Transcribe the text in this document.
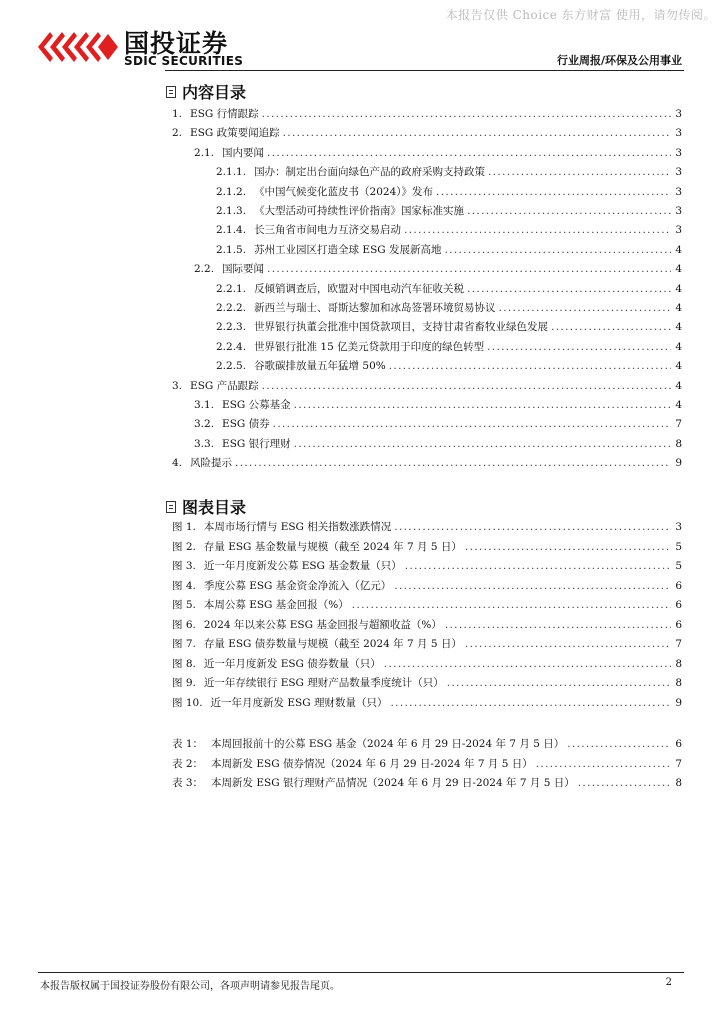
本报告仅供 Choice 东方财富 使用，请勿传阅。
国投证券
SDIC SECURITIES	行业周报/环保及公用事业
内容目录
1. ESG 行情跟踪 . . .	3
2. ESG 政策要闻追踪 . . .	3
2.1. 国内要闻 . . .	3
2.1.1. 国办：制定出台面向绿色产品的政府采购支持政策 . . .	3
2.1.2. 《中国气候变化蓝皮书（2024）》发布 . . .	3
2.1.3. 《大型活动可持续性评价指南》国家标准实施 . . .	3
2.1.4. 长三角省市间电力互济交易启动 . . .	3
2.1.5. 苏州工业园区打造全球 ESG 发展新高地 . . .	4
2.2. 国际要闻 . . .	4
2.2.1. 反倾销调查后，欧盟对中国电动汽车征收关税 . . .	4
2.2.2. 新西兰与瑞士、哥斯达黎加和冰岛签署环境贸易协议 . . .	4
2.2.3. 世界银行执董会批准中国贷款项目，支持甘肃省畜牧业绿色发展 . . .	4
2.2.4. 世界银行批准 15 亿美元贷款用于印度的绿色转型 . . .	4
2.2.5. 谷歌碳排放量五年猛增 50% . . .	4
3. ESG 产品跟踪 . . .	4
3.1. ESG 公募基金 . . .	4
3.2. ESG 债券 . . .	7
3.3. ESG 银行理财 . . .	8
4. 风险提示 . . .	9
图表目录
图 1. 本周市场行情与 ESG 相关指数涨跌情况 . . .	3
图 2. 存量 ESG 基金数量与规模（截至 2024 年 7 月 5 日） . . .	5
图 3. 近一年月度新发公募 ESG 基金数量（只） . . .	5
图 4. 季度公募 ESG 基金资金净流入（亿元） . . .	6
图 5. 本周公募 ESG 基金回报（%） . . .	6
图 6. 2024 年以来公募 ESG 基金回报与超额收益（%） . . .	6
图 7. 存量 ESG 债券数量与规模（截至 2024 年 7 月 5 日） . . .	7
图 8. 近一年月度新发 ESG 债券数量（只） . . .	8
图 9. 近一年存续银行 ESG 理财产品数量季度统计（只） . . .	8
图 10. 近一年月度新发 ESG 理财数量（只） . . .	9
表 1： 本周回报前十的公募 ESG 基金（2024 年 6 月 29 日-2024 年 7 月 5 日） . . .	6
表 2： 本周新发 ESG 债券情况（2024 年 6 月 29 日-2024 年 7 月 5 日） . . .	7
表 3： 本周新发 ESG 银行理财产品情况（2024 年 6 月 29 日-2024 年 7 月 5 日） . . .	8
本报告版权属于国投证券股份有限公司，各项声明请参见报告尾页。	2
